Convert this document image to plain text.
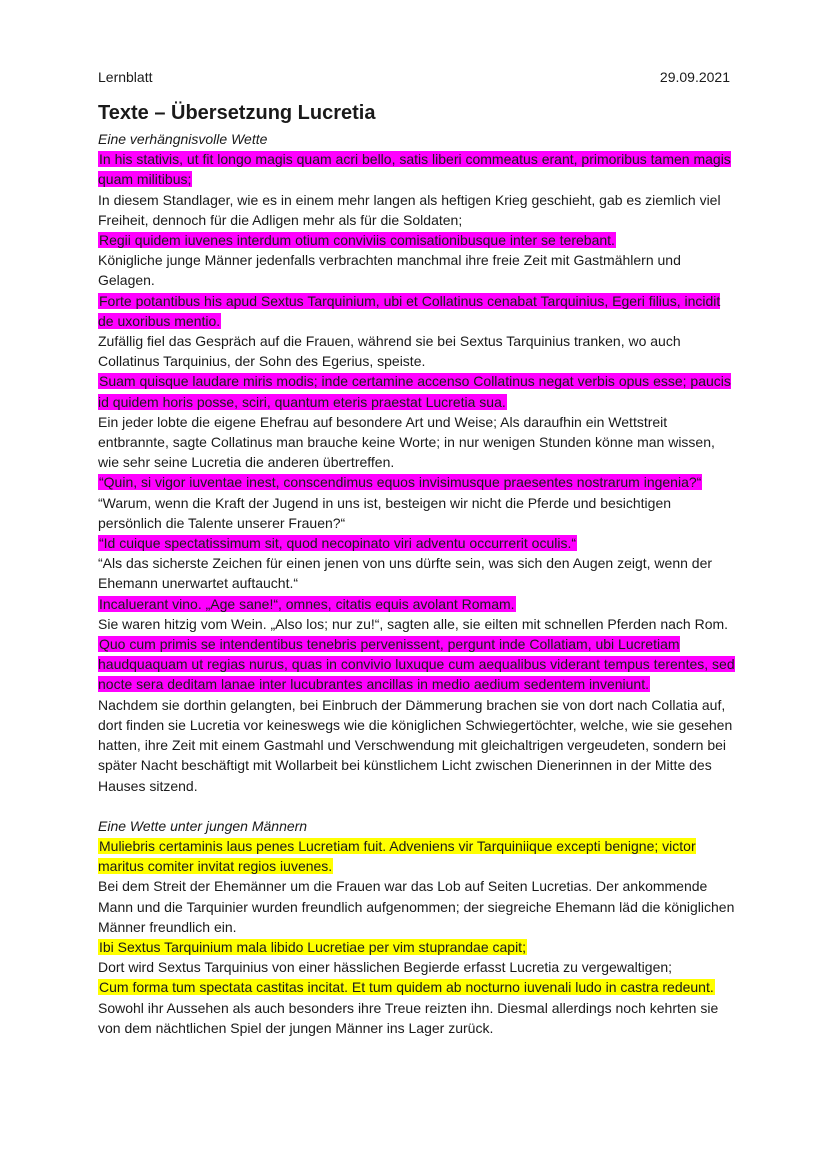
Lernblatt	29.09.2021
Texte – Übersetzung Lucretia

Eine verhängnisvolle Wette

In his stativis, ut fit longo magis quam acri bello, satis liberi commeatus erant, primoribus tamen magis quam militibus;

In diesem Standlager, wie es in einem mehr langen als heftigen Krieg geschieht, gab es ziemlich viel Freiheit, dennoch für die Adligen mehr als für die Soldaten;

Regii quidem iuvenes interdum otium conviviis comisationibusque inter se terebant.

Königliche junge Männer jedenfalls verbrachten manchmal ihre freie Zeit mit Gastmählern und Gelagen.

Forte potantibus his apud Sextus Tarquinium, ubi et Collatinus cenabat Tarquinius, Egeri filius, incidit de uxoribus mentio.

Zufällig fiel das Gespräch auf die Frauen, während sie bei Sextus Tarquinius tranken, wo auch Collatinus Tarquinius, der Sohn des Egerius, speiste.

Suam quisque laudare miris modis; inde certamine accenso Collatinus negat verbis opus esse; paucis id quidem horis posse, sciri, quantum eteris praestat Lucretia sua.

Ein jeder lobte die eigene Ehefrau auf besondere Art und Weise; Als daraufhin ein Wettstreit entbrannte, sagte Collatinus man brauche keine Worte; in nur wenigen Stunden könne man wissen, wie sehr seine Lucretia die anderen übertreffen.

“Quin, si vigor iuventae inest, conscendimus equos invisimusque praesentes nostrarum ingenia?“

“Warum, wenn die Kraft der Jugend in uns ist, besteigen wir nicht die Pferde und besichtigen persönlich die Talente unserer Frauen?“

“Id cuique spectatissimum sit, quod necopinato viri adventu occurrerit oculis.“

“Als das sicherste Zeichen für einen jenen von uns dürfte sein, was sich den Augen zeigt, wenn der Ehemann unerwartet auftaucht.“

Incaluerant vino. „Age sane!“, omnes, citatis equis avolant Romam.

Sie waren hitzig vom Wein. „Also los; nur zu!“, sagten alle, sie eilten mit schnellen Pferden nach Rom.

Quo cum primis se intendentibus tenebris pervenissent, pergunt inde Collatiam, ubi Lucretiam haudquaquam ut regias nurus, quas in convivio luxuque cum aequalibus viderant tempus terentes, sed nocte sera deditam lanae inter lucubrantes ancillas in medio aedium sedentem inveniunt.

Nachdem sie dorthin gelangten, bei Einbruch der Dämmerung brachen sie von dort nach Collatia auf, dort finden sie Lucretia vor keineswegs wie die königlichen Schwiegertöchter, welche, wie sie gesehen hatten, ihre Zeit mit einem Gastmahl und Verschwendung mit gleichaltrigen vergeudeten, sondern bei später Nacht beschäftigt mit Wollarbeit bei künstlichem Licht zwischen Dienerinnen in der Mitte des Hauses sitzend.

Eine Wette unter jungen Männern

Muliebris certaminis laus penes Lucretiam fuit. Adveniens vir Tarquiniique excepti benigne; victor maritus comiter invitat regios iuvenes.

Bei dem Streit der Ehemänner um die Frauen war das Lob auf Seiten Lucretias. Der ankommende Mann und die Tarquinier wurden freundlich aufgenommen; der siegreiche Ehemann läd die königlichen Männer freundlich ein.

Ibi Sextus Tarquinium mala libido Lucretiae per vim stuprandae capit;

Dort wird Sextus Tarquinius von einer hässlichen Begierde erfasst Lucretia zu vergewaltigen;

Cum forma tum spectata castitas incitat. Et tum quidem ab nocturno iuvenali ludo in castra redeunt.

Sowohl ihr Aussehen als auch besonders ihre Treue reizten ihn. Diesmal allerdings noch kehrten sie von dem nächtlichen Spiel der jungen Männer ins Lager zurück.
